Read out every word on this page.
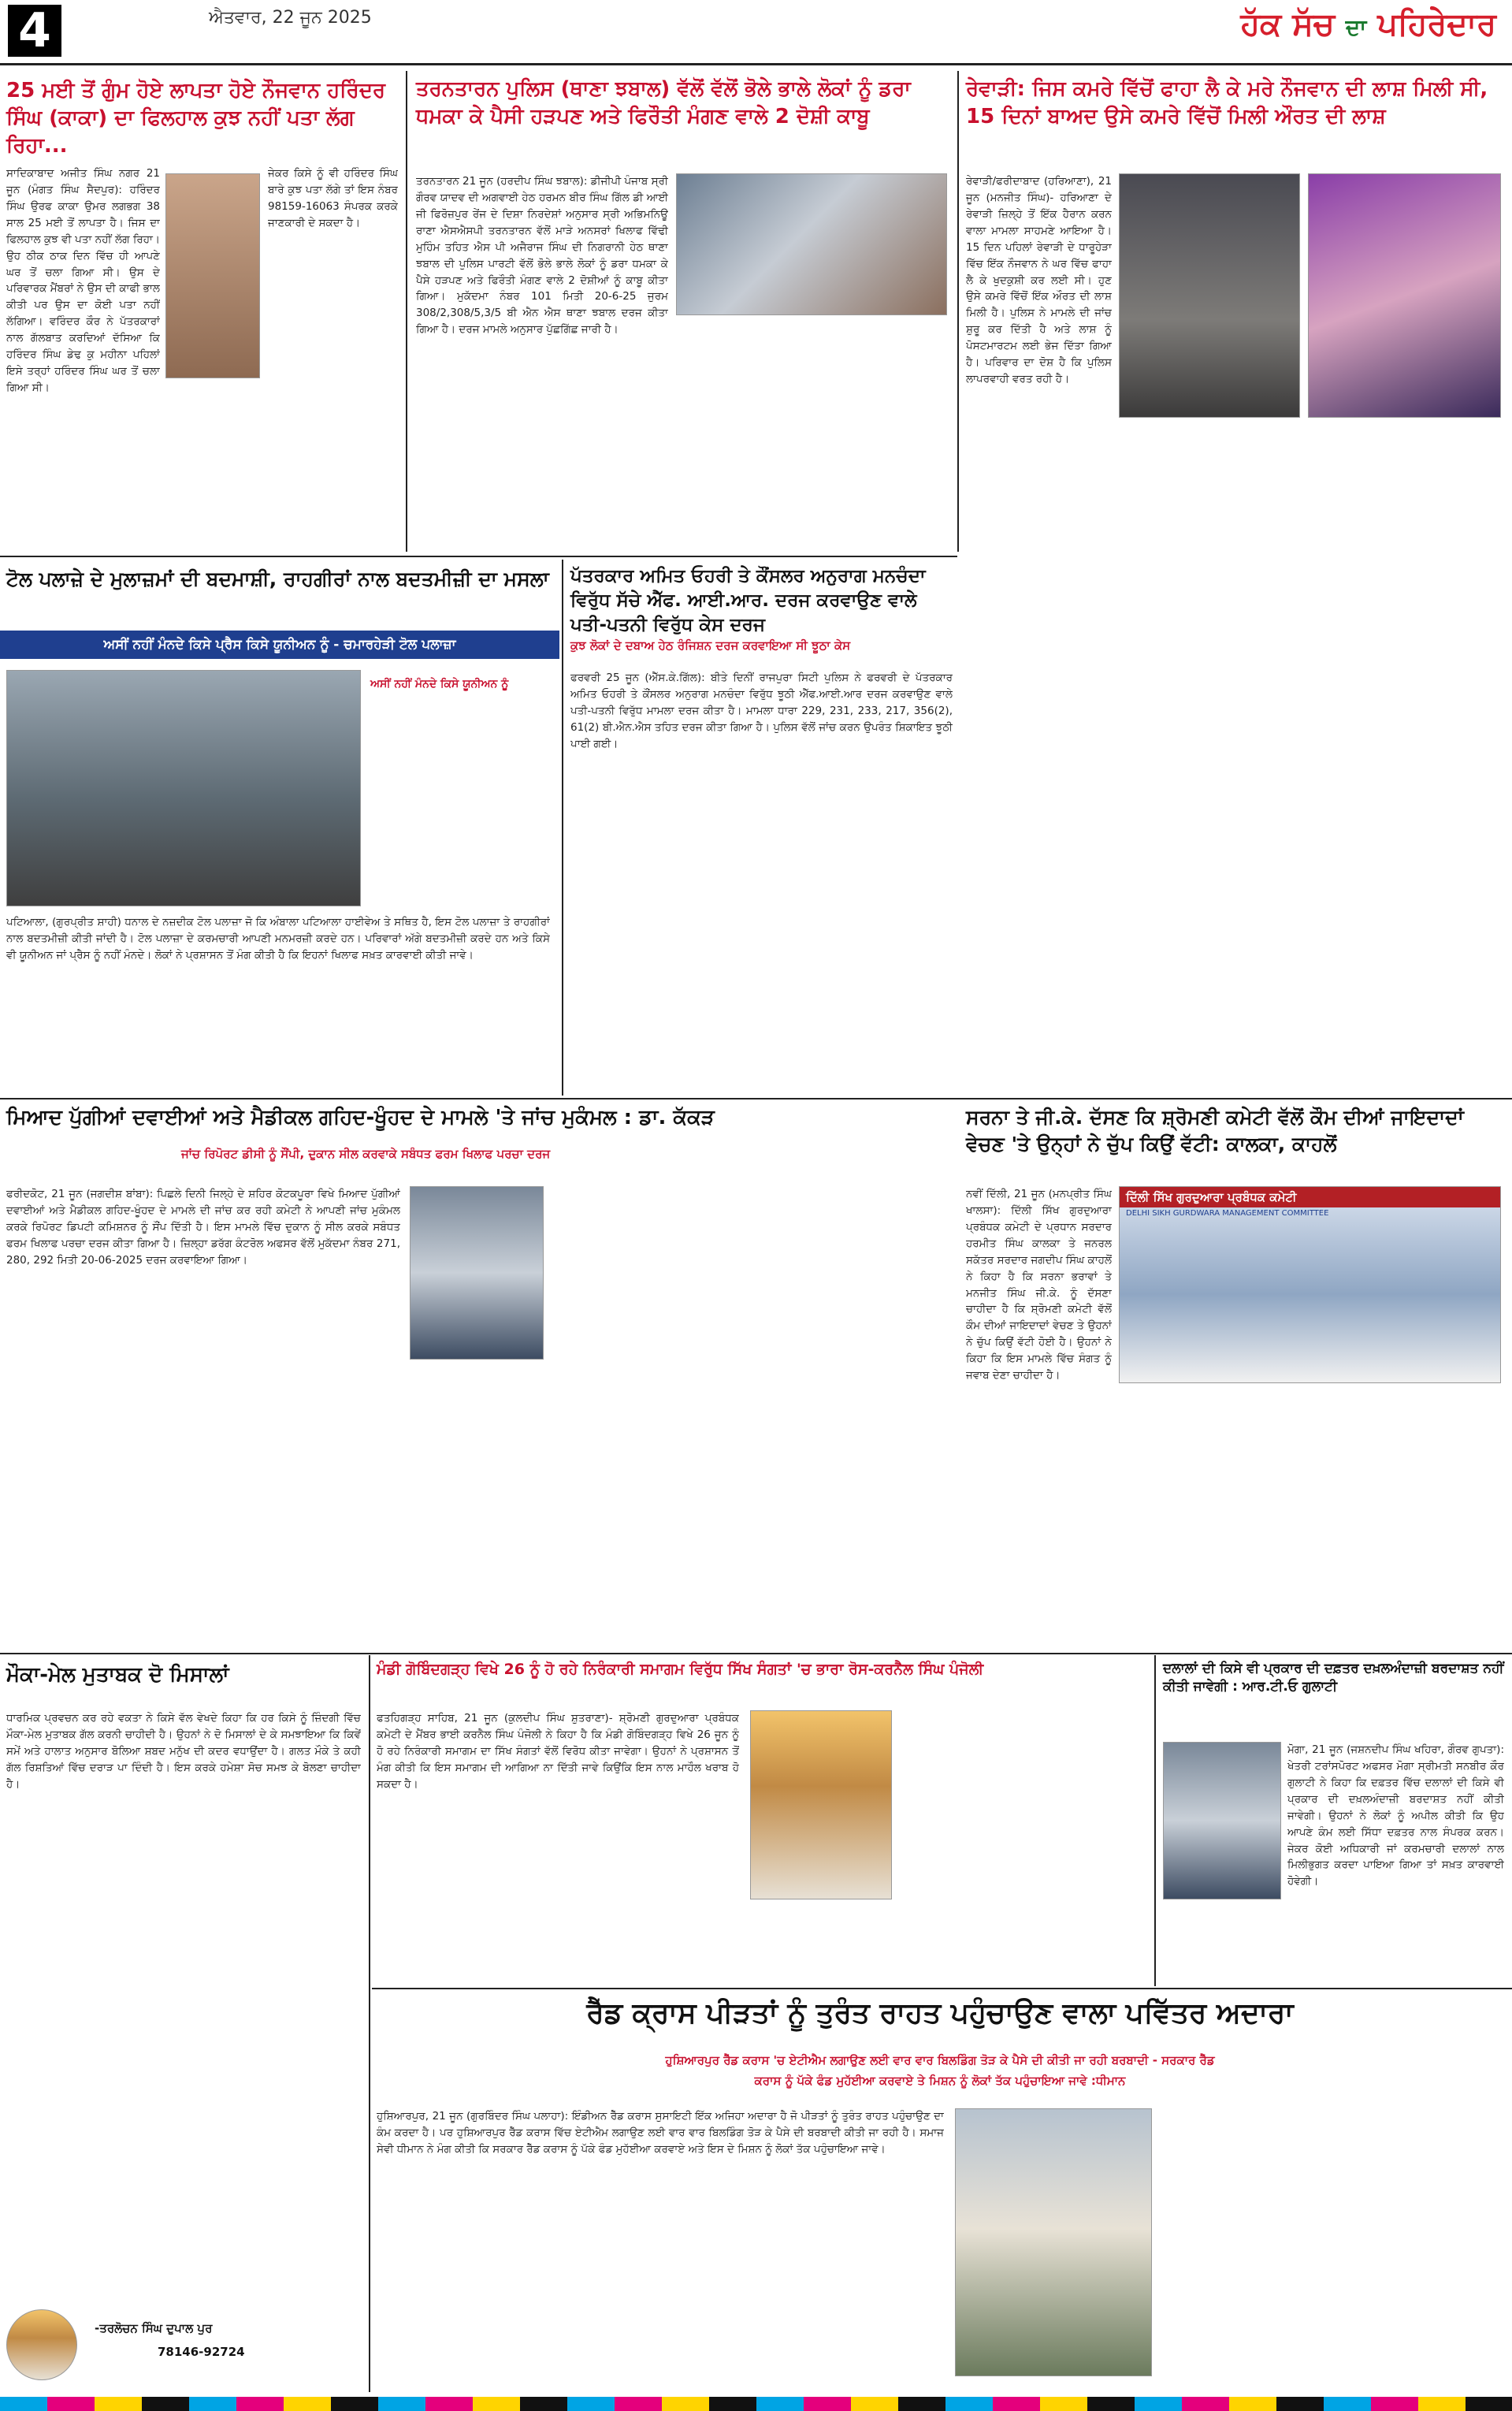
4	ਐਤਵਾਰ, 22 ਜੂਨ 2025	ਹੱਕ ਸੱਚ ਦਾ ਪਹਿਰੇਦਾਰ
25 ਮਈ ਤੋਂ ਗੁੰਮ ਹੋਏ ਲਾਪਤਾ ਹੋਏ ਨੌਜਵਾਨ ਹਰਿੰਦਰ ਸਿੰਘ (ਕਾਕਾ) ਦਾ ਫਿਲਹਾਲ ਕੁਝ ਨਹੀਂ ਪਤਾ ਲੱਗ ਰਿਹਾ...
ਸਾਦਿਕਾਬਾਦ ਅਜੀਤ ਸਿੰਘ ਨਗਰ 21 ਜੂਨ (ਮੰਗਤ ਸਿੰਘ ਸੈਦਪੁਰ): ਹਰਿੰਦਰ ਸਿੰਘ ਉਰਫ ਕਾਕਾ ਉਮਰ ਲਗਭਗ 38 ਸਾਲ 25 ਮਈ ਤੋਂ ਲਾਪਤਾ ਹੈ। ਜਿਸ ਦਾ ਫਿਲਹਾਲ ਕੁਝ ਵੀ ਪਤਾ ਨਹੀਂ ਲੱਗ ਰਿਹਾ। ਉਹ ਠੀਕ ਠਾਕ ਦਿਨ ਵਿੱਚ ਹੀ ਆਪਣੇ ਘਰ ਤੋਂ ਚਲਾ ਗਿਆ ਸੀ। ਉਸ ਦੇ ਪਰਿਵਾਰਕ ਮੈਂਬਰਾਂ ਨੇ ਉਸ ਦੀ ਕਾਫੀ ਭਾਲ ਕੀਤੀ ਪਰ ਉਸ ਦਾ ਕੋਈ ਪਤਾ ਨਹੀਂ ਲੱਗਿਆ। ਵਰਿੰਦਰ ਕੌਰ ਨੇ ਪੱਤਰਕਾਰਾਂ ਨਾਲ ਗੱਲਬਾਤ ਕਰਦਿਆਂ ਦੱਸਿਆ ਕਿ ਹਰਿੰਦਰ ਸਿੰਘ ਡੇਢ ਕੁ ਮਹੀਨਾ ਪਹਿਲਾਂ ਇਸੇ ਤਰ੍ਹਾਂ ਹਰਿੰਦਰ ਸਿੰਘ ਘਰ ਤੋਂ ਚਲਾ ਗਿਆ ਸੀ।
ਜੇਕਰ ਕਿਸੇ ਨੂੰ ਵੀ ਹਰਿੰਦਰ ਸਿੰਘ ਬਾਰੇ ਕੁਝ ਪਤਾ ਲੱਗੇ ਤਾਂ ਇਸ ਨੰਬਰ 98159-16063 ਸੰਪਰਕ ਕਰਕੇ ਜਾਣਕਾਰੀ ਦੇ ਸਕਦਾ ਹੈ।
ਤਰਨਤਾਰਨ ਪੁਲਿਸ (ਥਾਣਾ ਝਬਾਲ) ਵੱਲੋਂ ਵੱਲੋਂ ਭੋਲੇ ਭਾਲੇ ਲੋਕਾਂ ਨੂੰ ਡਰਾ ਧਮਕਾ ਕੇ ਪੈਸੀ ਹੜਪਣ ਅਤੇ ਫਿਰੌਤੀ ਮੰਗਣ ਵਾਲੇ 2 ਦੋਸ਼ੀ ਕਾਬੂ
ਤਰਨਤਾਰਨ 21 ਜੂਨ (ਹਰਦੀਪ ਸਿੰਘ ਝਬਾਲ): ਡੀਜੀਪੀ ਪੰਜਾਬ ਸ੍ਰੀ ਗੌਰਵ ਯਾਦਵ ਦੀ ਅਗਵਾਈ ਹੇਠ ਹਰਮਨ ਬੀਰ ਸਿੰਘ ਗਿੱਲ ਡੀ ਆਈ ਜੀ ਫਿਰੋਜ਼ਪੁਰ ਰੇਂਜ ਦੇ ਦਿਸ਼ਾ ਨਿਰਦੇਸ਼ਾਂ ਅਨੁਸਾਰ ਸ੍ਰੀ ਅਭਿਮਨਿਊ ਰਾਣਾ ਐਸਐਸਪੀ ਤਰਨਤਾਰਨ ਵੱਲੋਂ ਮਾੜੇ ਅਨਸਰਾਂ ਖਿਲਾਫ ਵਿੱਢੀ ਮੁਹਿੰਮ ਤਹਿਤ ਐਸ ਪੀ ਅਜੈਰਾਜ ਸਿੰਘ ਦੀ ਨਿਗਰਾਨੀ ਹੇਠ ਥਾਣਾ ਝਬਾਲ ਦੀ ਪੁਲਿਸ ਪਾਰਟੀ ਵੱਲੋਂ ਭੋਲੇ ਭਾਲੇ ਲੋਕਾਂ ਨੂੰ ਡਰਾ ਧਮਕਾ ਕੇ ਪੈਸੇ ਹੜਪਣ ਅਤੇ ਫਿਰੌਤੀ ਮੰਗਣ ਵਾਲੇ 2 ਦੋਸ਼ੀਆਂ ਨੂੰ ਕਾਬੂ ਕੀਤਾ ਗਿਆ। ਮੁਕੱਦਮਾ ਨੰਬਰ 101 ਮਿਤੀ 20-6-25 ਜੁਰਮ 308/2,308/5,3/5 ਬੀ ਐਨ ਐਸ ਥਾਣਾ ਝਬਾਲ ਦਰਜ ਕੀਤਾ ਗਿਆ ਹੈ। ਦਰਜ ਮਾਮਲੇ ਅਨੁਸਾਰ ਪੁੱਛਗਿੱਛ ਜਾਰੀ ਹੈ।
ਰੇਵਾੜੀ: ਜਿਸ ਕਮਰੇ ਵਿੱਚੋਂ ਫਾਹਾ ਲੈ ਕੇ ਮਰੇ ਨੌਜਵਾਨ ਦੀ ਲਾਸ਼ ਮਿਲੀ ਸੀ, 15 ਦਿਨਾਂ ਬਾਅਦ ਉਸੇ ਕਮਰੇ ਵਿੱਚੋਂ ਮਿਲੀ ਔਰਤ ਦੀ ਲਾਸ਼
ਰੇਵਾੜੀ/ਫਰੀਦਾਬਾਦ (ਹਰਿਆਣਾ), 21 ਜੂਨ (ਮਨਜੀਤ ਸਿੰਘ)- ਹਰਿਆਣਾ ਦੇ ਰੇਵਾੜੀ ਜ਼ਿਲ੍ਹੇ ਤੋਂ ਇੱਕ ਹੈਰਾਨ ਕਰਨ ਵਾਲਾ ਮਾਮਲਾ ਸਾਹਮਣੇ ਆਇਆ ਹੈ। 15 ਦਿਨ ਪਹਿਲਾਂ ਰੇਵਾੜੀ ਦੇ ਧਾਰੂਹੇੜਾ ਵਿੱਚ ਇੱਕ ਨੌਜਵਾਨ ਨੇ ਘਰ ਵਿੱਚ ਫਾਹਾ ਲੈ ਕੇ ਖੁਦਕੁਸ਼ੀ ਕਰ ਲਈ ਸੀ। ਹੁਣ ਉਸੇ ਕਮਰੇ ਵਿੱਚੋਂ ਇੱਕ ਔਰਤ ਦੀ ਲਾਸ਼ ਮਿਲੀ ਹੈ। ਪੁਲਿਸ ਨੇ ਮਾਮਲੇ ਦੀ ਜਾਂਚ ਸ਼ੁਰੂ ਕਰ ਦਿੱਤੀ ਹੈ ਅਤੇ ਲਾਸ਼ ਨੂੰ ਪੋਸਟਮਾਰਟਮ ਲਈ ਭੇਜ ਦਿੱਤਾ ਗਿਆ ਹੈ। ਪਰਿਵਾਰ ਦਾ ਦੋਸ਼ ਹੈ ਕਿ ਪੁਲਿਸ ਲਾਪਰਵਾਹੀ ਵਰਤ ਰਹੀ ਹੈ।
ਟੋਲ ਪਲਾਜ਼ੇ ਦੇ ਮੁਲਾਜ਼ਮਾਂ ਦੀ ਬਦਮਾਸ਼ੀ, ਰਾਹਗੀਰਾਂ ਨਾਲ ਬਦਤਮੀਜ਼ੀ ਦਾ ਮਸਲਾ
ਅਸੀਂ ਨਹੀਂ ਮੰਨਦੇ ਕਿਸੇ ਪ੍ਰੈਸ ਕਿਸੇ ਯੂਨੀਅਨ ਨੂੰ - ਚਮਾਰਹੇੜੀ ਟੋਲ ਪਲਾਜ਼ਾ
ਅਸੀਂ ਨਹੀਂ ਮੰਨਦੇ ਕਿਸੇ ਯੂਨੀਅਨ ਨੂੰ
ਪਟਿਆਲਾ, (ਗੁਰਪ੍ਰੀਤ ਸ਼ਾਹੀ) ਧਨਾਲ ਦੇ ਨਜ਼ਦੀਕ ਟੋਲ ਪਲਾਜ਼ਾ ਜੋ ਕਿ ਅੰਬਾਲਾ ਪਟਿਆਲਾ ਹਾਈਵੇਅ ਤੇ ਸਥਿਤ ਹੈ, ਇਸ ਟੋਲ ਪਲਾਜ਼ਾ ਤੇ ਰਾਹਗੀਰਾਂ ਨਾਲ ਬਦਤਮੀਜ਼ੀ ਕੀਤੀ ਜਾਂਦੀ ਹੈ। ਟੋਲ ਪਲਾਜ਼ਾ ਦੇ ਕਰਮਚਾਰੀ ਆਪਣੀ ਮਨਮਰਜ਼ੀ ਕਰਦੇ ਹਨ। ਪਰਿਵਾਰਾਂ ਅੱਗੇ ਬਦਤਮੀਜ਼ੀ ਕਰਦੇ ਹਨ ਅਤੇ ਕਿਸੇ ਵੀ ਯੂਨੀਅਨ ਜਾਂ ਪ੍ਰੈਸ ਨੂੰ ਨਹੀਂ ਮੰਨਦੇ। ਲੋਕਾਂ ਨੇ ਪ੍ਰਸ਼ਾਸਨ ਤੋਂ ਮੰਗ ਕੀਤੀ ਹੈ ਕਿ ਇਹਨਾਂ ਖਿਲਾਫ ਸਖ਼ਤ ਕਾਰਵਾਈ ਕੀਤੀ ਜਾਵੇ।
ਪੱਤਰਕਾਰ ਅਮਿਤ ਓਹਰੀ ਤੇ ਕੌਂਸਲਰ ਅਨੁਰਾਗ ਮਨਚੰਦਾ ਵਿਰੁੱਧ ਸੱਚੇ ਐੱਫ. ਆਈ.ਆਰ. ਦਰਜ ਕਰਵਾਉਣ ਵਾਲੇ ਪਤੀ-ਪਤਨੀ ਵਿਰੁੱਧ ਕੇਸ ਦਰਜ
ਕੁਝ ਲੋਕਾਂ ਦੇ ਦਬਾਅ ਹੇਠ ਰੰਜਿਸ਼ਨ ਦਰਜ ਕਰਵਾਇਆ ਸੀ ਝੂਠਾ ਕੇਸ
ਫਰਵਰੀ 25 ਜੂਨ (ਐੱਸ.ਕੇ.ਗਿੱਲ): ਬੀਤੇ ਦਿਨੀਂ ਰਾਜਪੁਰਾ ਸਿਟੀ ਪੁਲਿਸ ਨੇ ਫਰਵਰੀ ਦੇ ਪੱਤਰਕਾਰ ਅਮਿਤ ਓਹਰੀ ਤੇ ਕੌਂਸਲਰ ਅਨੁਰਾਗ ਮਨਚੰਦਾ ਵਿਰੁੱਧ ਝੂਠੀ ਐੱਫ.ਆਈ.ਆਰ ਦਰਜ ਕਰਵਾਉਣ ਵਾਲੇ ਪਤੀ-ਪਤਨੀ ਵਿਰੁੱਧ ਮਾਮਲਾ ਦਰਜ ਕੀਤਾ ਹੈ। ਮਾਮਲਾ ਧਾਰਾ 229, 231, 233, 217, 356(2), 61(2) ਬੀ.ਐਨ.ਐਸ ਤਹਿਤ ਦਰਜ ਕੀਤਾ ਗਿਆ ਹੈ। ਪੁਲਿਸ ਵੱਲੋਂ ਜਾਂਚ ਕਰਨ ਉਪਰੰਤ ਸ਼ਿਕਾਇਤ ਝੂਠੀ ਪਾਈ ਗਈ।
ਸਰਨਾ ਤੇ ਜੀ.ਕੇ. ਦੱਸਣ ਕਿ ਸ਼੍ਰੋਮਣੀ ਕਮੇਟੀ ਵੱਲੋਂ ਕੌਮ ਦੀਆਂ ਜਾਇਦਾਦਾਂ ਵੇਚਣ 'ਤੇ ਉਨ੍ਹਾਂ ਨੇ ਚੁੱਪ ਕਿਉਂ ਵੱਟੀ: ਕਾਲਕਾ, ਕਾਹਲੋਂ
ਦਿੱਲੀ ਸਿੱਖ ਗੁਰਦੁਆਰਾ ਪ੍ਰਬੰਧਕ ਕਮੇਟੀ
DELHI SIKH GURDWARA MANAGEMENT COMMITTEE
ਨਵੀਂ ਦਿੱਲੀ, 21 ਜੂਨ (ਮਨਪ੍ਰੀਤ ਸਿੰਘ ਖਾਲਸਾ): ਦਿੱਲੀ ਸਿੱਖ ਗੁਰਦੁਆਰਾ ਪ੍ਰਬੰਧਕ ਕਮੇਟੀ ਦੇ ਪ੍ਰਧਾਨ ਸਰਦਾਰ ਹਰਮੀਤ ਸਿੰਘ ਕਾਲਕਾ ਤੇ ਜਨਰਲ ਸਕੱਤਰ ਸਰਦਾਰ ਜਗਦੀਪ ਸਿੰਘ ਕਾਹਲੋਂ ਨੇ ਕਿਹਾ ਹੈ ਕਿ ਸਰਨਾ ਭਰਾਵਾਂ ਤੇ ਮਨਜੀਤ ਸਿੰਘ ਜੀ.ਕੇ. ਨੂੰ ਦੱਸਣਾ ਚਾਹੀਦਾ ਹੈ ਕਿ ਸ਼੍ਰੋਮਣੀ ਕਮੇਟੀ ਵੱਲੋਂ ਕੌਮ ਦੀਆਂ ਜਾਇਦਾਦਾਂ ਵੇਚਣ ਤੇ ਉਹਨਾਂ ਨੇ ਚੁੱਪ ਕਿਉਂ ਵੱਟੀ ਹੋਈ ਹੈ। ਉਹਨਾਂ ਨੇ ਕਿਹਾ ਕਿ ਇਸ ਮਾਮਲੇ ਵਿੱਚ ਸੰਗਤ ਨੂੰ ਜਵਾਬ ਦੇਣਾ ਚਾਹੀਦਾ ਹੈ।
ਮਿਆਦ ਪੁੱਗੀਆਂ ਦਵਾਈਆਂ ਅਤੇ ਮੈਡੀਕਲ ਗਹਿਦ-ਖੂੰਹਦ ਦੇ ਮਾਮਲੇ 'ਤੇ ਜਾਂਚ ਮੁਕੰਮਲ : ਡਾ. ਕੱਕੜ
ਜਾਂਚ ਰਿਪੋਰਟ ਡੀਸੀ ਨੂੰ ਸੌਂਪੀ, ਦੁਕਾਨ ਸੀਲ ਕਰਵਾਕੇ ਸਬੰਧਤ ਫਰਮ ਖਿਲਾਫ ਪਰਚਾ ਦਰਜ
ਫਰੀਦਕੋਟ, 21 ਜੂਨ (ਜਗਦੀਸ਼ ਬਾਂਬਾ): ਪਿਛਲੇ ਦਿਨੀ ਜਿਲ੍ਹੇ ਦੇ ਸ਼ਹਿਰ ਕੋਟਕਪੂਰਾ ਵਿਖੇ ਮਿਆਦ ਪੁੱਗੀਆਂ ਦਵਾਈਆਂ ਅਤੇ ਮੈਡੀਕਲ ਗਹਿਦ-ਖੂੰਹਦ ਦੇ ਮਾਮਲੇ ਦੀ ਜਾਂਚ ਕਰ ਰਹੀ ਕਮੇਟੀ ਨੇ ਆਪਣੀ ਜਾਂਚ ਮੁਕੰਮਲ ਕਰਕੇ ਰਿਪੋਰਟ ਡਿਪਟੀ ਕਮਿਸ਼ਨਰ ਨੂੰ ਸੌਂਪ ਦਿੱਤੀ ਹੈ। ਇਸ ਮਾਮਲੇ ਵਿੱਚ ਦੁਕਾਨ ਨੂੰ ਸੀਲ ਕਰਕੇ ਸਬੰਧਤ ਫਰਮ ਖਿਲਾਫ ਪਰਚਾ ਦਰਜ ਕੀਤਾ ਗਿਆ ਹੈ। ਜ਼ਿਲ੍ਹਾ ਡਰੱਗ ਕੰਟਰੋਲ ਅਫਸਰ ਵੱਲੋਂ ਮੁਕੱਦਮਾ ਨੰਬਰ 271, 280, 292 ਮਿਤੀ 20-06-2025 ਦਰਜ ਕਰਵਾਇਆ ਗਿਆ।
ਮੌਕਾ-ਮੇਲ ਮੁਤਾਬਕ ਦੋ ਮਿਸਾਲਾਂ
ਧਾਰਮਿਕ ਪ੍ਰਵਚਨ ਕਰ ਰਹੇ ਵਕਤਾ ਨੇ ਕਿਸੇ ਵੱਲ ਵੇਖਦੇ ਕਿਹਾ ਕਿ ਹਰ ਕਿਸੇ ਨੂੰ ਜ਼ਿੰਦਗੀ ਵਿੱਚ ਮੌਕਾ-ਮੇਲ ਮੁਤਾਬਕ ਗੱਲ ਕਰਨੀ ਚਾਹੀਦੀ ਹੈ। ਉਹਨਾਂ ਨੇ ਦੋ ਮਿਸਾਲਾਂ ਦੇ ਕੇ ਸਮਝਾਇਆ ਕਿ ਕਿਵੇਂ ਸਮੇਂ ਅਤੇ ਹਾਲਾਤ ਅਨੁਸਾਰ ਬੋਲਿਆ ਸ਼ਬਦ ਮਨੁੱਖ ਦੀ ਕਦਰ ਵਧਾਉਂਦਾ ਹੈ। ਗਲਤ ਮੌਕੇ ਤੇ ਕਹੀ ਗੱਲ ਰਿਸ਼ਤਿਆਂ ਵਿੱਚ ਦਰਾੜ ਪਾ ਦਿੰਦੀ ਹੈ। ਇਸ ਕਰਕੇ ਹਮੇਸ਼ਾ ਸੋਚ ਸਮਝ ਕੇ ਬੋਲਣਾ ਚਾਹੀਦਾ ਹੈ।
-ਤਰਲੋਚਨ ਸਿੰਘ ਦੁਪਾਲ ਪੁਰ
78146-92724
ਮੰਡੀ ਗੋਬਿੰਦਗੜ੍ਹ ਵਿਖੇ 26 ਨੂੰ ਹੋ ਰਹੇ ਨਿਰੰਕਾਰੀ ਸਮਾਗਮ ਵਿਰੁੱਧ ਸਿੱਖ ਸੰਗਤਾਂ 'ਚ ਭਾਰਾ ਰੋਸ-ਕਰਨੈਲ ਸਿੰਘ ਪੰਜੋਲੀ
ਫਤਹਿਗੜ੍ਹ ਸਾਹਿਬ, 21 ਜੂਨ (ਕੁਲਦੀਪ ਸਿੰਘ ਸ਼ੁਤਰਾਣਾ)- ਸ਼੍ਰੋਮਣੀ ਗੁਰਦੁਆਰਾ ਪ੍ਰਬੰਧਕ ਕਮੇਟੀ ਦੇ ਮੈਂਬਰ ਭਾਈ ਕਰਨੈਲ ਸਿੰਘ ਪੰਜੋਲੀ ਨੇ ਕਿਹਾ ਹੈ ਕਿ ਮੰਡੀ ਗੋਬਿੰਦਗੜ੍ਹ ਵਿਖੇ 26 ਜੂਨ ਨੂੰ ਹੋ ਰਹੇ ਨਿਰੰਕਾਰੀ ਸਮਾਗਮ ਦਾ ਸਿੱਖ ਸੰਗਤਾਂ ਵੱਲੋਂ ਵਿਰੋਧ ਕੀਤਾ ਜਾਵੇਗਾ। ਉਹਨਾਂ ਨੇ ਪ੍ਰਸ਼ਾਸਨ ਤੋਂ ਮੰਗ ਕੀਤੀ ਕਿ ਇਸ ਸਮਾਗਮ ਦੀ ਆਗਿਆ ਨਾ ਦਿੱਤੀ ਜਾਵੇ ਕਿਉਂਕਿ ਇਸ ਨਾਲ ਮਾਹੌਲ ਖਰਾਬ ਹੋ ਸਕਦਾ ਹੈ।
ਦਲਾਲਾਂ ਦੀ ਕਿਸੇ ਵੀ ਪ੍ਰਕਾਰ ਦੀ ਦਫ਼ਤਰ ਦਖ਼ਲਅੰਦਾਜ਼ੀ ਬਰਦਾਸ਼ਤ ਨਹੀਂ ਕੀਤੀ ਜਾਵੇਗੀ : ਆਰ.ਟੀ.ਓ ਗੁਲਾਟੀ
ਮੋਗਾ, 21 ਜੂਨ (ਜਸ਼ਨਦੀਪ ਸਿੰਘ ਖਹਿਰਾ, ਗੌਰਵ ਗੁਪਤਾ): ਖੇਤਰੀ ਟਰਾਂਸਪੋਰਟ ਅਫਸਰ ਮੋਗਾ ਸ੍ਰੀਮਤੀ ਸਨਬੀਰ ਕੌਰ ਗੁਲਾਟੀ ਨੇ ਕਿਹਾ ਕਿ ਦਫ਼ਤਰ ਵਿੱਚ ਦਲਾਲਾਂ ਦੀ ਕਿਸੇ ਵੀ ਪ੍ਰਕਾਰ ਦੀ ਦਖ਼ਲਅੰਦਾਜ਼ੀ ਬਰਦਾਸ਼ਤ ਨਹੀਂ ਕੀਤੀ ਜਾਵੇਗੀ। ਉਹਨਾਂ ਨੇ ਲੋਕਾਂ ਨੂੰ ਅਪੀਲ ਕੀਤੀ ਕਿ ਉਹ ਆਪਣੇ ਕੰਮ ਲਈ ਸਿੱਧਾ ਦਫ਼ਤਰ ਨਾਲ ਸੰਪਰਕ ਕਰਨ। ਜੇਕਰ ਕੋਈ ਅਧਿਕਾਰੀ ਜਾਂ ਕਰਮਚਾਰੀ ਦਲਾਲਾਂ ਨਾਲ ਮਿਲੀਭੁਗਤ ਕਰਦਾ ਪਾਇਆ ਗਿਆ ਤਾਂ ਸਖ਼ਤ ਕਾਰਵਾਈ ਹੋਵੇਗੀ।
ਰੈੱਡ ਕ੍ਰਾਸ ਪੀੜਤਾਂ ਨੂੰ ਤੁਰੰਤ ਰਾਹਤ ਪਹੁੰਚਾਉਣ ਵਾਲਾ ਪਵਿੱਤਰ ਅਦਾਰਾ
ਹੁਸ਼ਿਆਰਪੁਰ ਰੈੱਡ ਕਰਾਸ 'ਚ ਏਟੀਐਮ ਲਗਾਉਣ ਲਈ ਵਾਰ ਵਾਰ ਬਿਲਡਿੰਗ ਤੋੜ ਕੇ ਪੈਸੇ ਦੀ ਕੀਤੀ ਜਾ ਰਹੀ ਬਰਬਾਦੀ - ਸਰਕਾਰ ਰੈੱਡ
ਕਰਾਸ ਨੂੰ ਪੱਕੇ ਫੰਡ ਮੁਹੱਈਆ ਕਰਵਾਏ ਤੇ ਮਿਸ਼ਨ ਨੂੰ ਲੋਕਾਂ ਤੱਕ ਪਹੁੰਚਾਇਆ ਜਾਵੇ :ਧੀਮਾਨ
ਹੁਸ਼ਿਆਰਪੁਰ, 21 ਜੂਨ (ਗੁਰਬਿੰਦਰ ਸਿੰਘ ਪਲਾਹਾ): ਇੰਡੀਅਨ ਰੈੱਡ ਕਰਾਸ ਸੁਸਾਇਟੀ ਇੱਕ ਅਜਿਹਾ ਅਦਾਰਾ ਹੈ ਜੋ ਪੀੜਤਾਂ ਨੂੰ ਤੁਰੰਤ ਰਾਹਤ ਪਹੁੰਚਾਉਣ ਦਾ ਕੰਮ ਕਰਦਾ ਹੈ। ਪਰ ਹੁਸ਼ਿਆਰਪੁਰ ਰੈੱਡ ਕਰਾਸ ਵਿੱਚ ਏਟੀਐਮ ਲਗਾਉਣ ਲਈ ਵਾਰ ਵਾਰ ਬਿਲਡਿੰਗ ਤੋੜ ਕੇ ਪੈਸੇ ਦੀ ਬਰਬਾਦੀ ਕੀਤੀ ਜਾ ਰਹੀ ਹੈ। ਸਮਾਜ ਸੇਵੀ ਧੀਮਾਨ ਨੇ ਮੰਗ ਕੀਤੀ ਕਿ ਸਰਕਾਰ ਰੈੱਡ ਕਰਾਸ ਨੂੰ ਪੱਕੇ ਫੰਡ ਮੁਹੱਈਆ ਕਰਵਾਏ ਅਤੇ ਇਸ ਦੇ ਮਿਸ਼ਨ ਨੂੰ ਲੋਕਾਂ ਤੱਕ ਪਹੁੰਚਾਇਆ ਜਾਵੇ।
